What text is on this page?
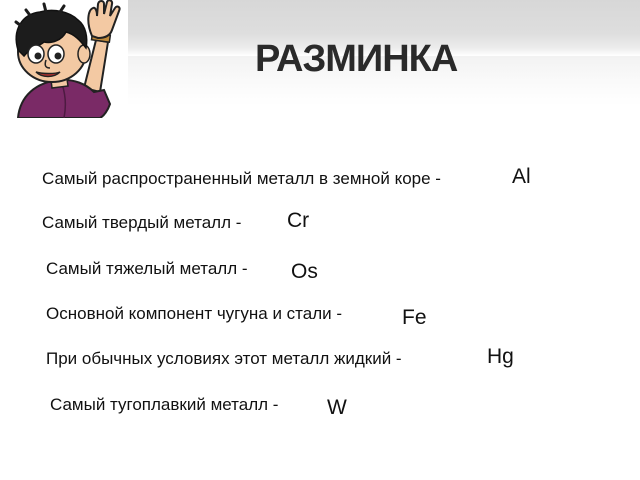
РАЗМИНКА
Самый распространенный металл в земной коре -	Al
Самый твердый металл - Cr
Самый тяжелый металл - Os
Основной компонент чугуна и стали -	Fe
При обычных условиях этот металл жидкий -	Hg
Самый тугоплавкий металл - W
